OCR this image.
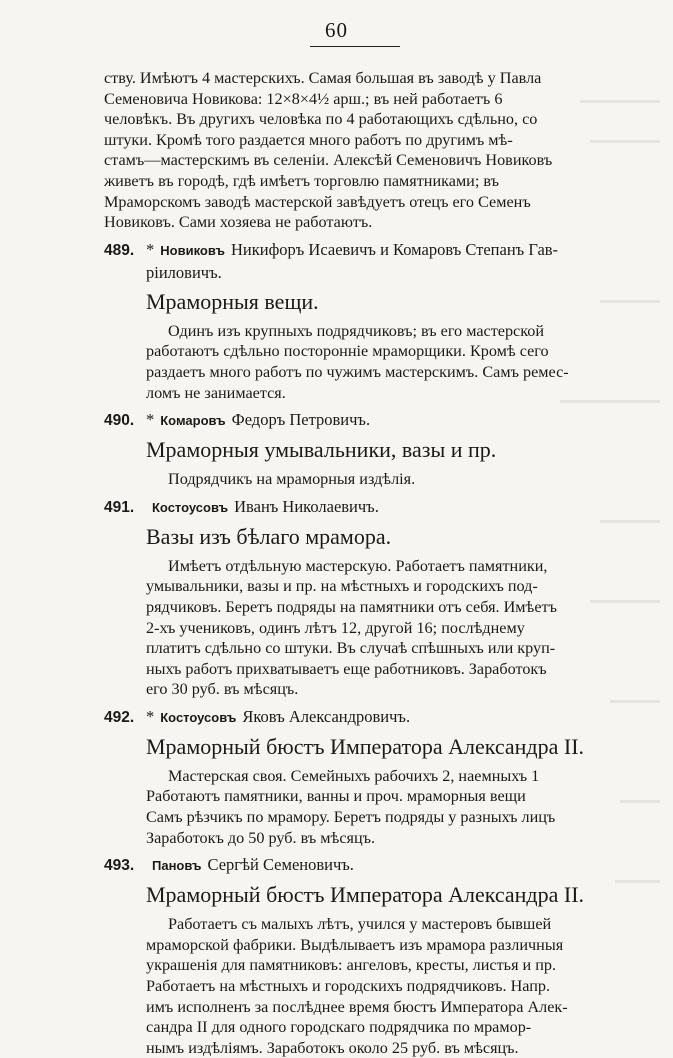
60
ству. Имѣютъ 4 мастерскихъ. Самая большая въ заводѣ у Павла
Семеновича Новикова: 12×8×4½ арш.; въ ней работаетъ 6
человѣкъ. Въ другихъ человѣка по 4 работающихъ сдѣльно, со
штуки. Кромѣ того раздается много работъ по другимъ мѣ-
стамъ—мастерскимъ въ селеніи. Алексѣй Семеновичъ Новиковъ
живетъ въ городѣ, гдѣ имѣетъ торговлю памятниками; въ
Мраморскомъ заводѣ мастерской завѣдуетъ отецъ его Семенъ
Новиковъ. Сами хозяева не работаютъ.
489. * Новиковъ Никифоръ Исаевичъ и Комаровъ Степанъ Гав-
ріиловичъ.
Мраморныя вещи.
Одинъ изъ крупныхъ подрядчиковъ; въ его мастерской
работаютъ сдѣльно посторонніе мраморщики. Кромѣ сего
раздаетъ много работъ по чужимъ мастерскимъ. Самъ ремес-
ломъ не занимается.
490. * Комаровъ Федоръ Петровичъ.
Мраморныя умывальники, вазы и пр.
Подрядчикъ на мраморныя издѣлія.
491.	Костоусовъ Иванъ Николаевичъ.
Вазы изъ бѣлаго мрамора.
Имѣетъ отдѣльную мастерскую. Работаетъ памятники,
умывальники, вазы и пр. на мѣстныхъ и городскихъ под-
рядчиковъ. Беретъ подряды на памятники отъ себя. Имѣетъ
2-хъ учениковъ, одинъ лѣтъ 12, другой 16; послѣднему
платитъ сдѣльно со штуки. Въ случаѣ спѣшныхъ или круп-
ныхъ работъ прихватываетъ еще работниковъ. Заработокъ
его 30 руб. въ мѣсяцъ.
492. * Костоусовъ Яковъ Александровичъ.
Мраморный бюстъ Императора Александра II.
Мастерская своя. Семейныхъ рабочихъ 2, наемныхъ 1
Работаютъ памятники, ванны и проч. мраморныя вещи
Самъ рѣзчикъ по мрамору. Беретъ подряды у разныхъ лицъ
Заработокъ до 50 руб. въ мѣсяцъ.
493.	Пановъ Сергѣй Семеновичъ.
Мраморный бюстъ Императора Александра II.
Работаетъ съ малыхъ лѣтъ, учился у мастеровъ бывшей
мраморской фабрики. Выдѣлываетъ изъ мрамора различныя
украшенія для памятниковъ: ангеловъ, кресты, листья и пр.
Работаетъ на мѣстныхъ и городскихъ подрядчиковъ. Напр.
имъ исполненъ за послѣднее время бюстъ Императора Алек-
сандра II для одного городскаго подрядчика по мрамор-
нымъ издѣліямъ. Заработокъ около 25 руб. въ мѣсяцъ.
